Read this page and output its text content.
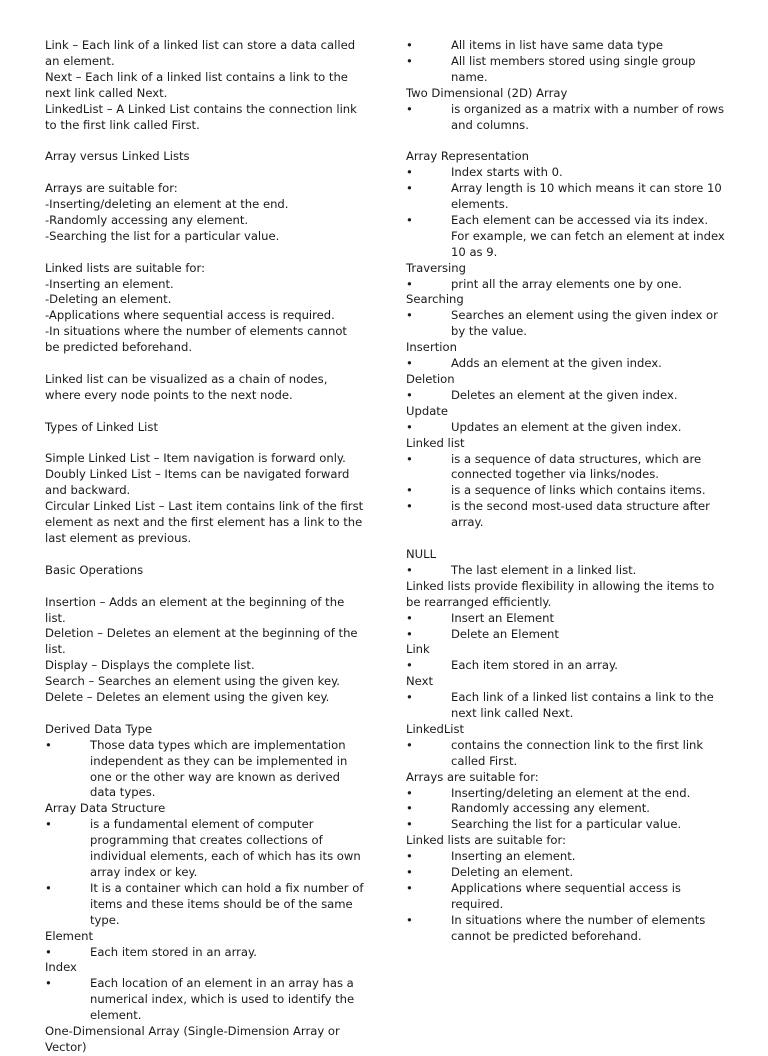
Link – Each link of a linked list can store a data called an element.
Next – Each link of a linked list contains a link to the next link called Next.
LinkedList – A Linked List contains the connection link to the first link called First.
Array versus Linked Lists
Arrays are suitable for:
-Inserting/deleting an element at the end.
-Randomly accessing any element.
-Searching the list for a particular value.
Linked lists are suitable for:
-Inserting an element.
-Deleting an element.
-Applications where sequential access is required.
-In situations where the number of elements cannot
be predicted beforehand.
Linked list can be visualized as a chain of nodes, where every node points to the next node.
Types of Linked List
Simple Linked List – Item navigation is forward only.
Doubly Linked List – Items can be navigated forward and backward.
Circular Linked List – Last item contains link of the first element as next and the first element has a link to the last element as previous.
Basic Operations
Insertion – Adds an element at the beginning of the list.
Deletion – Deletes an element at the beginning of the list.
Display – Displays the complete list.
Search – Searches an element using the given key.
Delete – Deletes an element using the given key.
Derived Data Type
•	Those data types which are implementation independent as they can be implemented in one or the other way are known as derived data types.
Array Data Structure
•	is a fundamental element of computer programming that creates collections of individual elements, each of which has its own array index or key.
•	It is a container which can hold a fix number of items and these items should be of the same type.
Element
•	Each item stored in an array.
Index
•	Each location of an element in an array has a numerical index, which is used to identify the element.
One-Dimensional Array (Single-Dimension Array or Vector)
•	All items in list have same data type
•	All list members stored using single group name.
Two Dimensional (2D) Array
•	is organized as a matrix with a number of rows and columns.
Array Representation
•	Index starts with 0.
•	Array length is 10 which means it can store 10 elements.
•	Each element can be accessed via its index. For example, we can fetch an element at index 10 as 9.
Traversing
•	print all the array elements one by one.
Searching
•	Searches an element using the given index or by the value.
Insertion
•	Adds an element at the given index.
Deletion
•	Deletes an element at the given index.
Update
•	Updates an element at the given index.
Linked list
•	is a sequence of data structures, which are connected together via links/nodes.
•	is a sequence of links which contains items.
•	is the second most-used data structure after array.
NULL
•	The last element in a linked list.
Linked lists provide flexibility in allowing the items to be rearranged efficiently.
•	Insert an Element
•	Delete an Element
Link
•	Each item stored in an array.
Next
•	Each link of a linked list contains a link to the next link called Next.
LinkedList
•	contains the connection link to the first link called First.
Arrays are suitable for:
•	Inserting/deleting an element at the end.
•	Randomly accessing any element.
•	Searching the list for a particular value.
Linked lists are suitable for:
•	Inserting an element.
•	Deleting an element.
•	Applications where sequential access is required.
•	In situations where the number of elements cannot be predicted beforehand.
